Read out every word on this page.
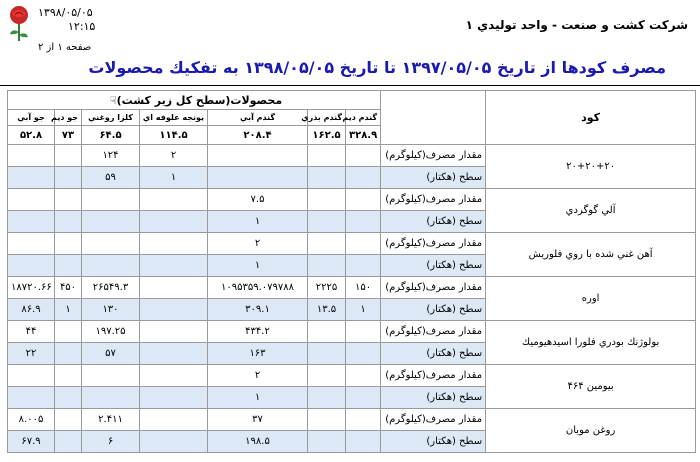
شركت كشت و صنعت - واحد توليدي ۱
۱۳۹۸/۰۵/۰۵
۱۲:۱۵
صفحه ۱ از ۲
مصرف كودها از تاريخ ۱۳۹۷/۰۵/۰۵ تا تاريخ ۱۳۹۸/۰۵/۰۵ به تفكيك محصولات
محصولات(سطح كل زير كشت)☟								كود
جو آبي	جو ديم	كلزا روغني	يونجه علوفه اي	گندم آبي	گندم بذري	گندم ديم		
۵۲.۸	۷۳	۶۴.۵	۱۱۴.۵	۲۰۸.۴	۱۶۲.۵	۳۲۸.۹		
		۱۲۴	۲				مقدار مصرف(كيلوگرم)	۲۰+۲۰+۲۰
		۵۹	۱				سطح (هكتار)	
				۷.۵			مقدار مصرف(كيلوگرم)	آلي گوگردي
				۱			سطح (هكتار)	
				۲			مقدار مصرف(كيلوگرم)	آهن غني شده با روي فلوريش
				۱			سطح (هكتار)	
۱۸۷۲۰.۶۶	۴۵۰	۲۶۵۴۹.۳		۱۰۹۵۳۵۹.۰۷۹۷۸۸	۲۲۲۵	۱۵۰	مقدار مصرف(كيلوگرم)	اوره
۸۶.۹	۱	۱۳۰		۳۰۹.۱	۱۳.۵	۱	سطح (هكتار)	
۴۴		۱۹۷.۲۵		۴۳۴.۲			مقدار مصرف(كيلوگرم)	بولوژنك بودري فلورا اسيدهيوميك
۲۲		۵۷		۱۶۳			سطح (هكتار)	
				۲			مقدار مصرف(كيلوگرم)	بيومين ۴۶۴
				۱			سطح (هكتار)	
۸.۰۰۵		۲.۴۱۱		۳۷			مقدار مصرف(كيلوگرم)	روغن مويان
۶۷.۹		۶		۱۹۸.۵			سطح (هكتار)	
